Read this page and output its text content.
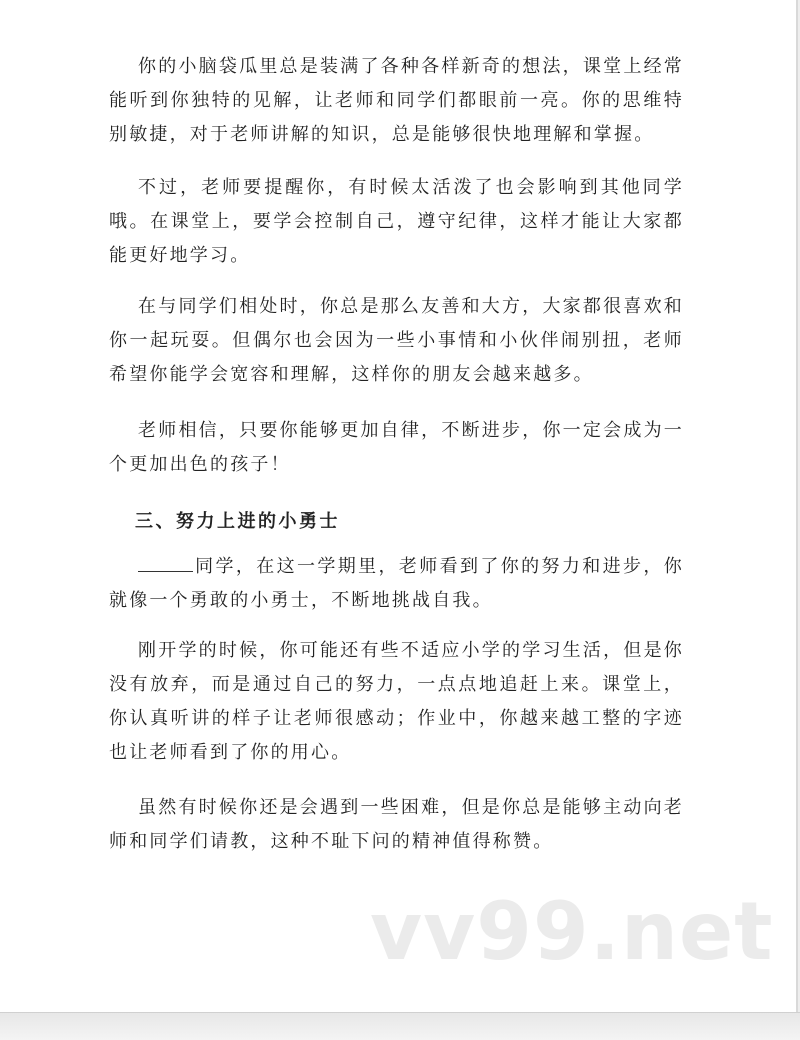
你的小脑袋瓜里总是装满了各种各样新奇的想法，课堂上经常能听到你独特的见解，让老师和同学们都眼前一亮。你的思维特别敏捷，对于老师讲解的知识，总是能够很快地理解和掌握。

不过，老师要提醒你，有时候太活泼了也会影响到其他同学哦。在课堂上，要学会控制自己，遵守纪律，这样才能让大家都能更好地学习。

在与同学们相处时，你总是那么友善和大方，大家都很喜欢和你一起玩耍。但偶尔也会因为一些小事情和小伙伴闹别扭，老师希望你能学会宽容和理解，这样你的朋友会越来越多。

老师相信，只要你能够更加自律，不断进步，你一定会成为一个更加出色的孩子！

三、努力上进的小勇士

同学，在这一学期里，老师看到了你的努力和进步，你就像一个勇敢的小勇士，不断地挑战自我。

刚开学的时候，你可能还有些不适应小学的学习生活，但是你没有放弃，而是通过自己的努力，一点点地追赶上来。课堂上，你认真听讲的样子让老师很感动；作业中，你越来越工整的字迹也让老师看到了你的用心。

虽然有时候你还是会遇到一些困难，但是你总是能够主动向老师和同学们请教，这种不耻下问的精神值得称赞。

vv99.net
